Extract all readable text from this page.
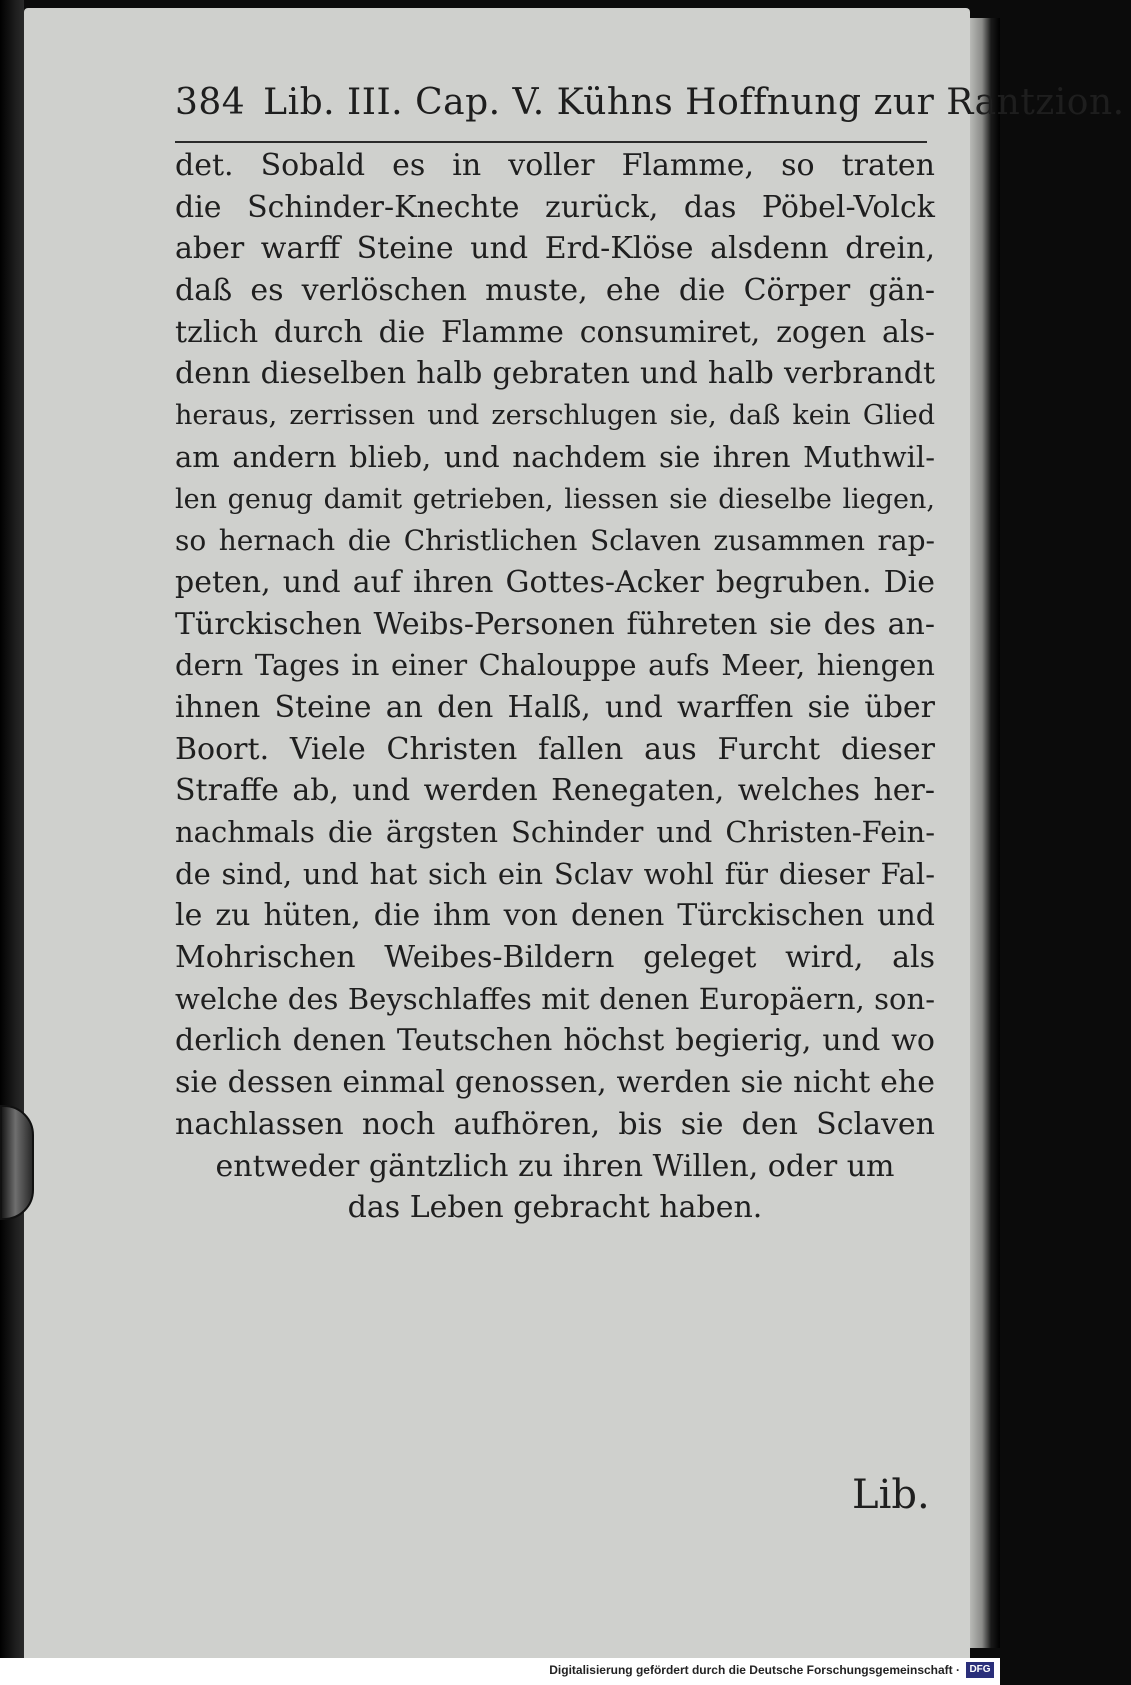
384 Lib. III. Cap. V. Kühns Hoffnung zur Rantzion.
det. Sobald es in voller Flamme, so traten
die Schinder-Knechte zurück, das Pöbel-Volck
aber warff Steine und Erd-Klöse alsdenn drein,
daß es verlöschen muste, ehe die Cörper gän-
tzlich durch die Flamme consumiret, zogen als-
denn dieselben halb gebraten und halb verbrandt
heraus, zerrissen und zerschlugen sie, daß kein Glied
am andern blieb, und nachdem sie ihren Muthwil-
len genug damit getrieben, liessen sie dieselbe liegen,
so hernach die Christlichen Sclaven zusammen rap-
peten, und auf ihren Gottes-Acker begruben. Die
Türckischen Weibs-Personen führeten sie des an-
dern Tages in einer Chalouppe aufs Meer, hiengen
ihnen Steine an den Halß, und warffen sie über
Boort. Viele Christen fallen aus Furcht dieser
Straffe ab, und werden Renegaten, welches her-
nachmals die ärgsten Schinder und Christen-Fein-
de sind, und hat sich ein Sclav wohl für dieser Fal-
le zu hüten, die ihm von denen Türckischen und
Mohrischen Weibes-Bildern geleget wird, als
welche des Beyschlaffes mit denen Europäern, son-
derlich denen Teutschen höchst begierig, und wo
sie dessen einmal genossen, werden sie nicht ehe
nachlassen noch aufhören, bis sie den Sclaven
entweder gäntzlich zu ihren Willen, oder um
das Leben gebracht haben.
Lib.
Digitalisierung gefördert durch die Deutsche Forschungsgemeinschaft · DFG
